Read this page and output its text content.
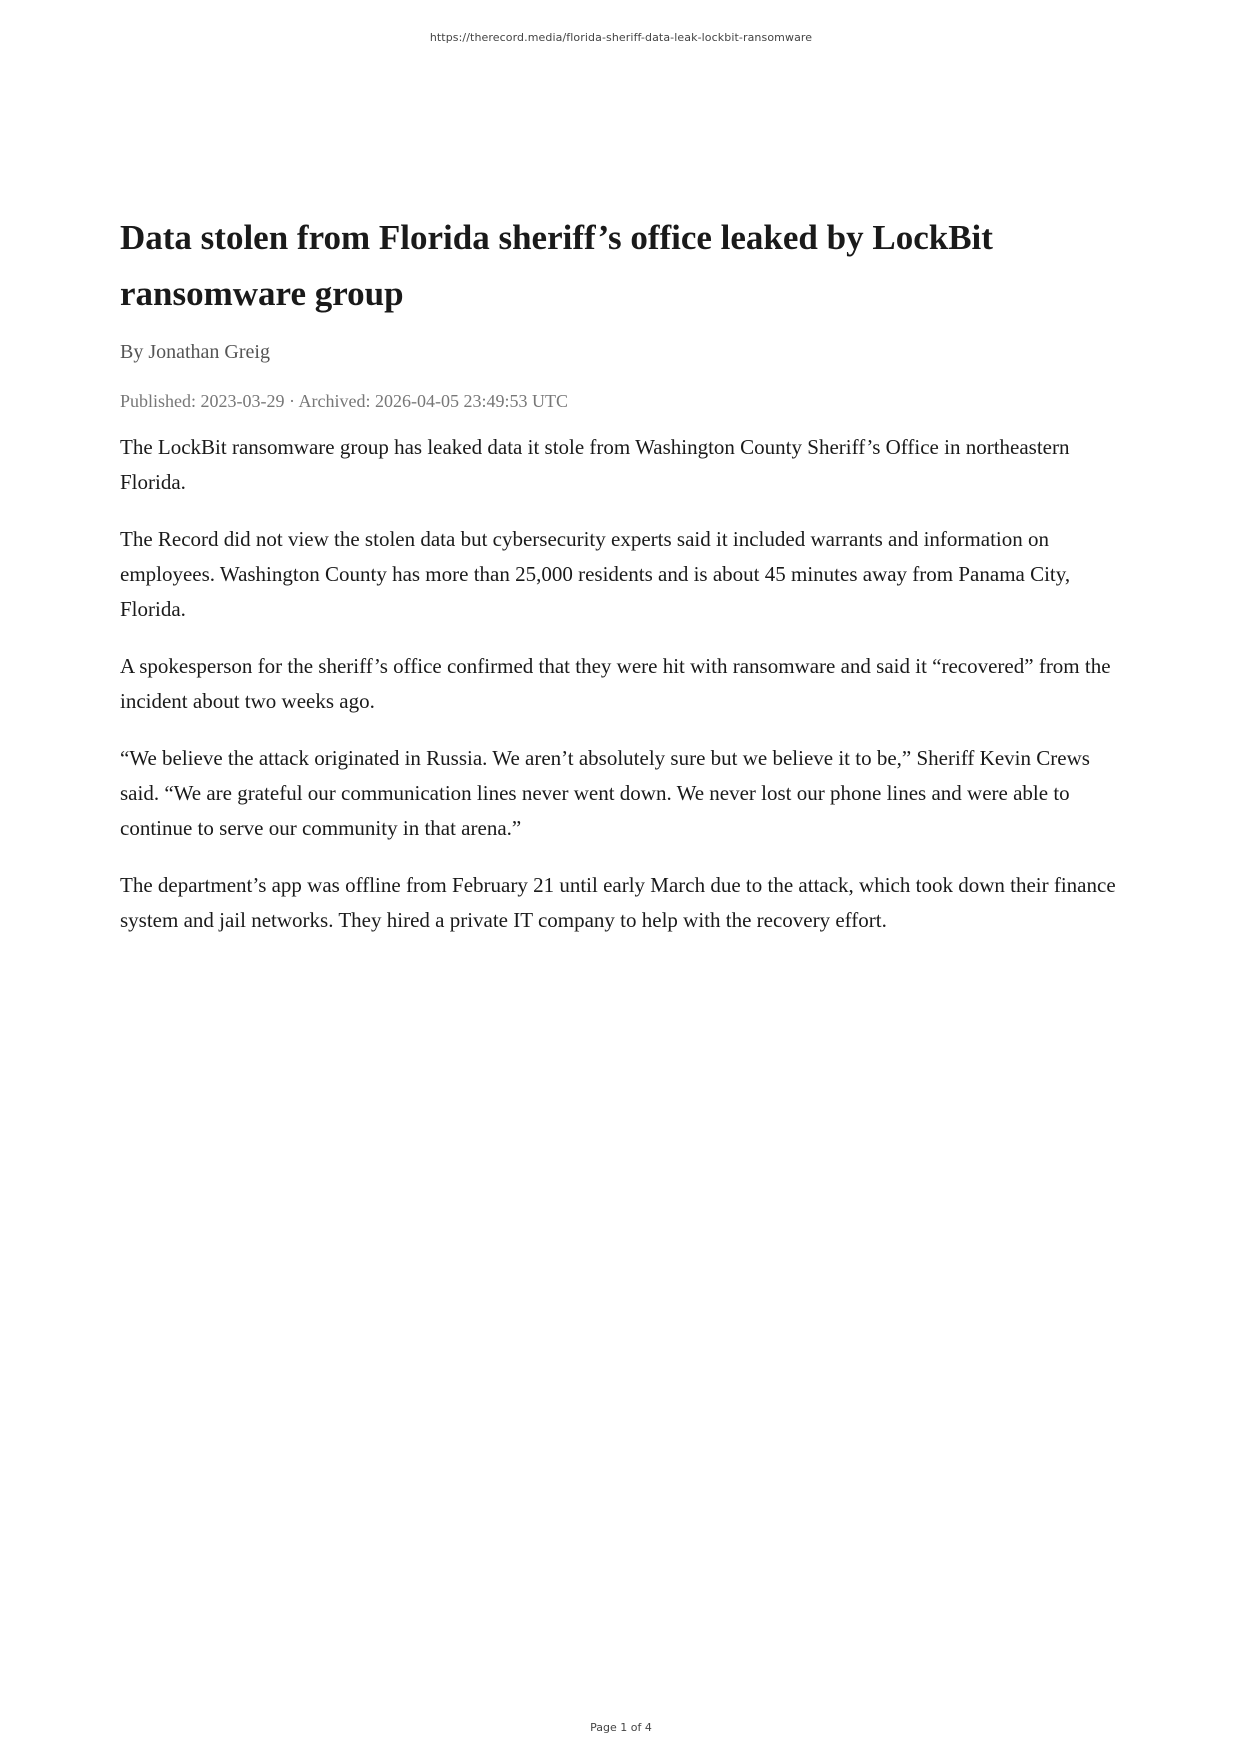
https://therecord.media/florida-sheriff-data-leak-lockbit-ransomware
Data stolen from Florida sheriff’s office leaked by LockBit ransomware group
By Jonathan Greig
Published: 2023-03-29 · Archived: 2026-04-05 23:49:53 UTC

The LockBit ransomware group has leaked data it stole from Washington County Sheriff’s Office in northeastern Florida.

The Record did not view the stolen data but cybersecurity experts said it included warrants and information on employees. Washington County has more than 25,000 residents and is about 45 minutes away from Panama City, Florida.

A spokesperson for the sheriff’s office confirmed that they were hit with ransomware and said it “recovered” from the incident about two weeks ago.

“We believe the attack originated in Russia. We aren’t absolutely sure but we believe it to be,” Sheriff Kevin Crews said. “We are grateful our communication lines never went down. We never lost our phone lines and were able to continue to serve our community in that arena.”

The department’s app was offline from February 21 until early March due to the attack, which took down their finance system and jail networks. They hired a private IT company to help with the recovery effort.

Page 1 of 4
